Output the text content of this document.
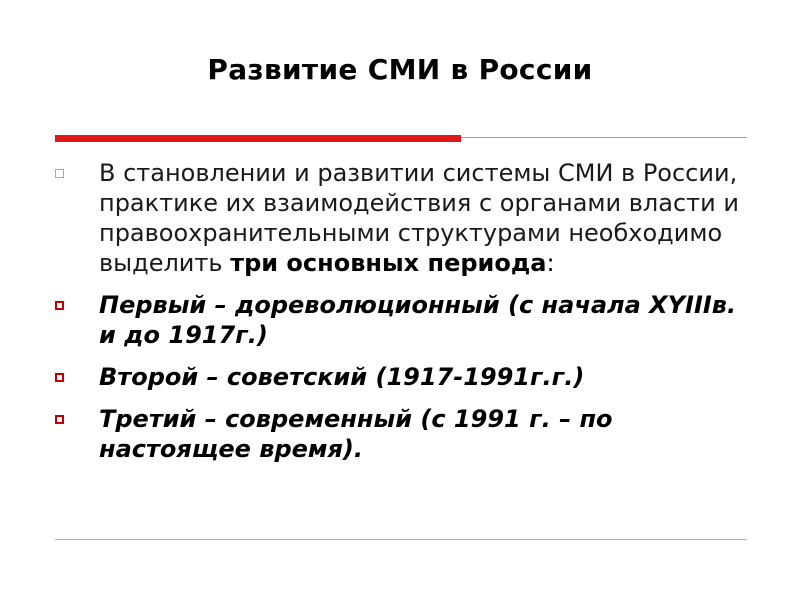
Развитие СМИ в России
В становлении и развитии системы СМИ в России, практике их взаимодействия с органами власти и правоохранительными структурами необходимо выделить три основных периода:
Первый – дореволюционный (с начала XYIIIв. и до 1917г.)
Второй – советский (1917-1991г.г.)
Третий – современный (с 1991 г. – по настоящее время).
